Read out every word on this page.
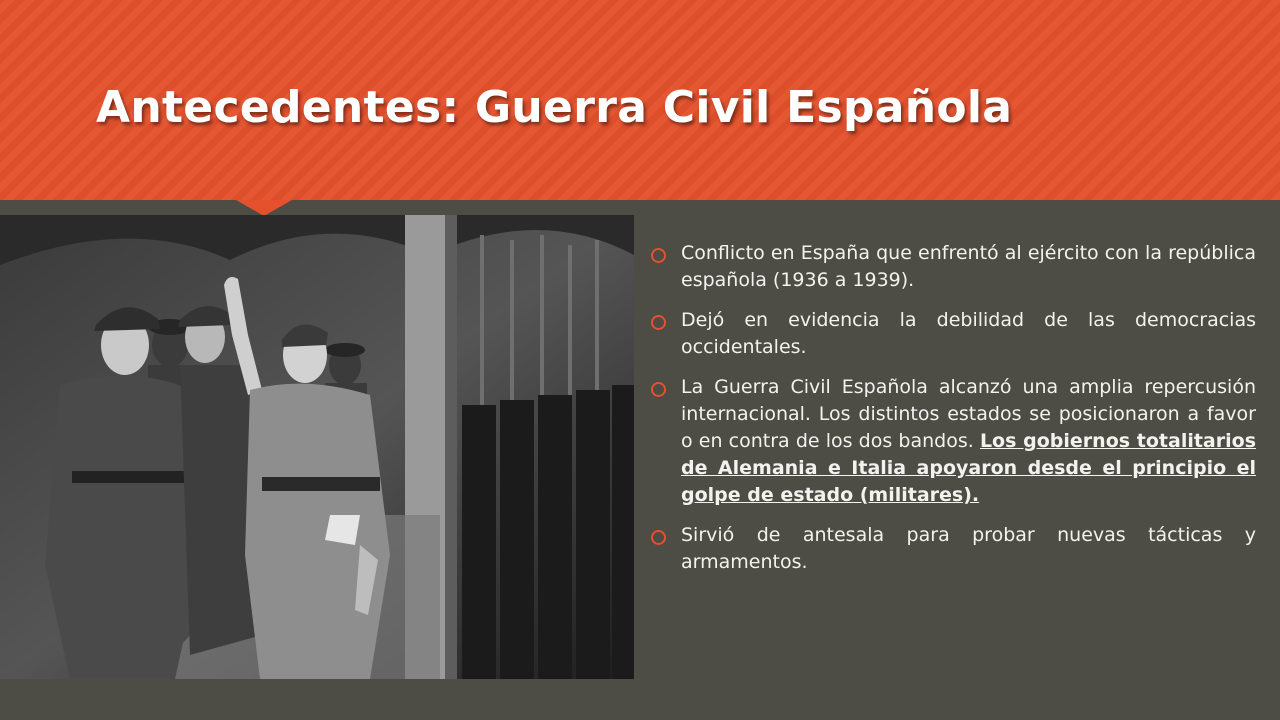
Antecedentes: Guerra Civil Española
Conflicto en España que enfrentó al ejército con la república española (1936 a 1939).
Dejó en evidencia la debilidad de las democracias occidentales.
La Guerra Civil Española alcanzó una amplia repercusión internacional. Los distintos estados se posicionaron a favor o en contra de los dos bandos. Los gobiernos totalitarios de Alemania e Italia apoyaron desde el principio el golpe de estado (militares).
Sirvió de antesala para probar nuevas tácticas y armamentos.
